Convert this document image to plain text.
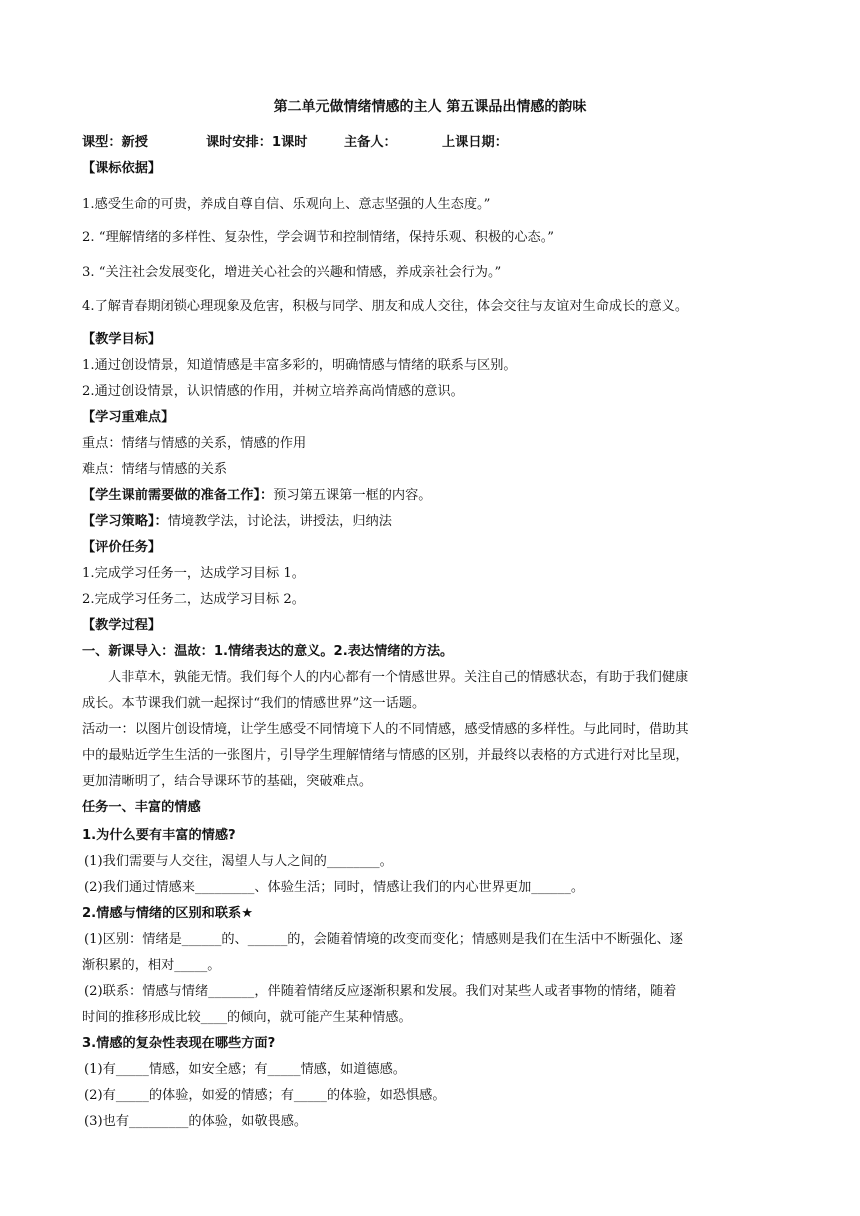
第二单元做情绪情感的主人 第五课品出情感的韵味
课型：新授	课时安排：1课时	主备人：	上课日期：
【课标依据】
1.感受生命的可贵，养成自尊自信、乐观向上、意志坚强的人生态度。”
2. “理解情绪的多样性、复杂性，学会调节和控制情绪，保持乐观、积极的心态。”
3. “关注社会发展变化，增进关心社会的兴趣和情感，养成亲社会行为。”
4.了解青春期闭锁心理现象及危害，积极与同学、朋友和成人交往，体会交往与友谊对生命成长的意义。
【教学目标】
1.通过创设情景，知道情感是丰富多彩的，明确情感与情绪的联系与区别。
2.通过创设情景，认识情感的作用，并树立培养高尚情感的意识。
【学习重难点】
重点：情绪与情感的关系，情感的作用
难点：情绪与情感的关系
【学生课前需要做的准备工作】：预习第五课第一框的内容。
【学习策略】：情境教学法，讨论法，讲授法，归纳法
【评价任务】
1.完成学习任务一，达成学习目标 1。
2.完成学习任务二，达成学习目标 2。
【教学过程】
一、新课导入：温故：1.情绪表达的意义。2.表达情绪的方法。
人非草木，孰能无情。我们每个人的内心都有一个情感世界。关注自己的情感状态，有助于我们健康
成长。本节课我们就一起探讨“我们的情感世界”这一话题。
活动一：以图片创设情境，让学生感受不同情境下人的不同情感，感受情感的多样性。与此同时，借助其
中的最贴近学生生活的一张图片，引导学生理解情绪与情感的区别，并最终以表格的方式进行对比呈现，
更加清晰明了，结合导课环节的基础，突破难点。
任务一、丰富的情感
1.为什么要有丰富的情感?
(1)我们需要与人交往，渴望人与人之间的________。
(2)我们通过情感来_________、体验生活；同时，情感让我们的内心世界更加______。
2.情感与情绪的区别和联系★
(1)区别：情绪是______的、______的，会随着情境的改变而变化；情感则是我们在生活中不断强化、逐
渐积累的，相对_____。
(2)联系：情感与情绪_______，伴随着情绪反应逐渐积累和发展。我们对某些人或者事物的情绪，随着
时间的推移形成比较____的倾向，就可能产生某种情感。
3.情感的复杂性表现在哪些方面?
(1)有_____情感，如安全感；有_____情感，如道德感。
(2)有_____的体验，如爱的情感；有_____的体验，如恐惧感。
(3)也有_________的体验，如敬畏感。
